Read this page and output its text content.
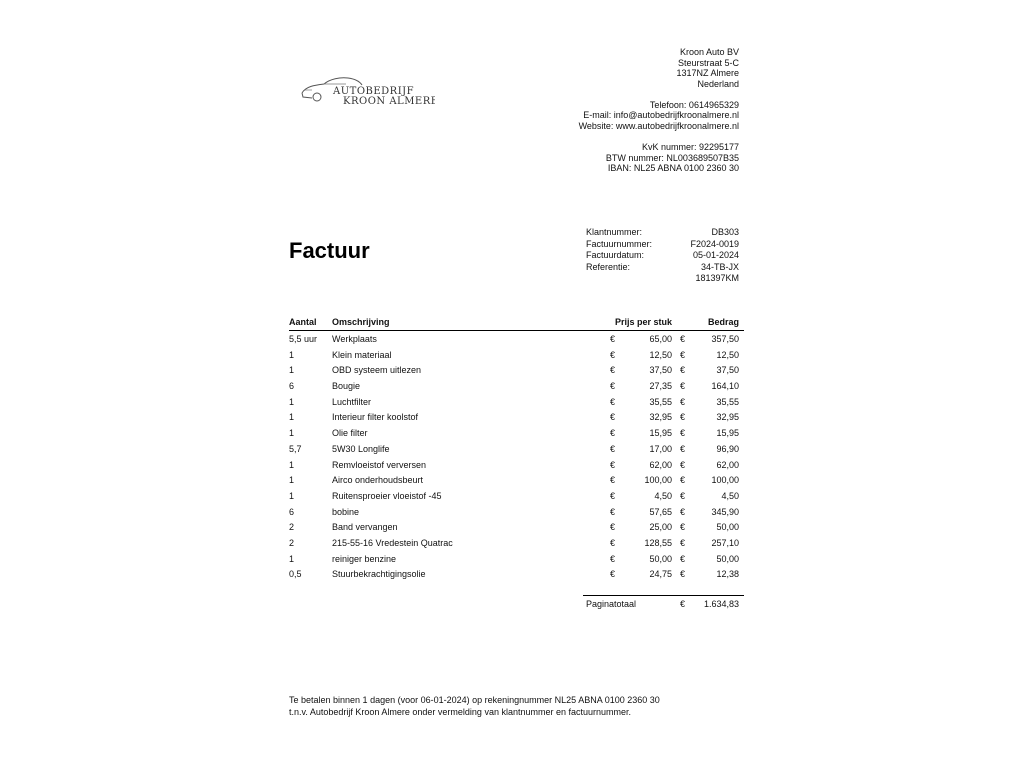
AUTOBEDRIJF
KROON ALMERE
Kroon Auto BV
Steurstraat 5-C
1317NZ Almere
Nederland
Telefoon: 0614965329
E-mail: info@autobedrijfkroonalmere.nl
Website: www.autobedrijfkroonalmere.nl
KvK nummer: 92295177
BTW nummer: NL003689507B35
IBAN: NL25 ABNA 0100 2360 30
Factuur
Klantnummer:	DB303
Factuurnummer:	F2024-0019
Factuurdatum:	05-01-2024
Referentie:	34-TB-JX
181397KM
Aantal Omschrijving	Prijs per stuk	Bedrag
5,5 uur Werkplaats	€	65,00 €	357,50
1	Klein materiaal	€	12,50 €	12,50
1	OBD systeem uitlezen	€	37,50 €	37,50
6	Bougie	€	27,35 €	164,10
1	Luchtfilter	€	35,55 €	35,55
1	Interieur filter koolstof	€	32,95 €	32,95
1	Olie filter	€	15,95 €	15,95
5,7	5W30 Longlife	€	17,00 €	96,90
1	Remvloeistof verversen	€	62,00 €	62,00
1	Airco onderhoudsbeurt	€	100,00 €	100,00
1	Ruitensproeier vloeistof -45	€	4,50 €	4,50
6	bobine	€	57,65 €	345,90
2	Band vervangen	€	25,00 €	50,00
2	215-55-16 Vredestein Quatrac	€	128,55 €	257,10
1	reiniger benzine	€	50,00 €	50,00
0,5	Stuurbekrachtigingsolie	€	24,75 €	12,38
Paginatotaal	€ 1.634,83
Te betalen binnen 1 dagen (voor 06-01-2024) op rekeningnummer NL25 ABNA 0100 2360 30
t.n.v. Autobedrijf Kroon Almere onder vermelding van klantnummer en factuurnummer.
